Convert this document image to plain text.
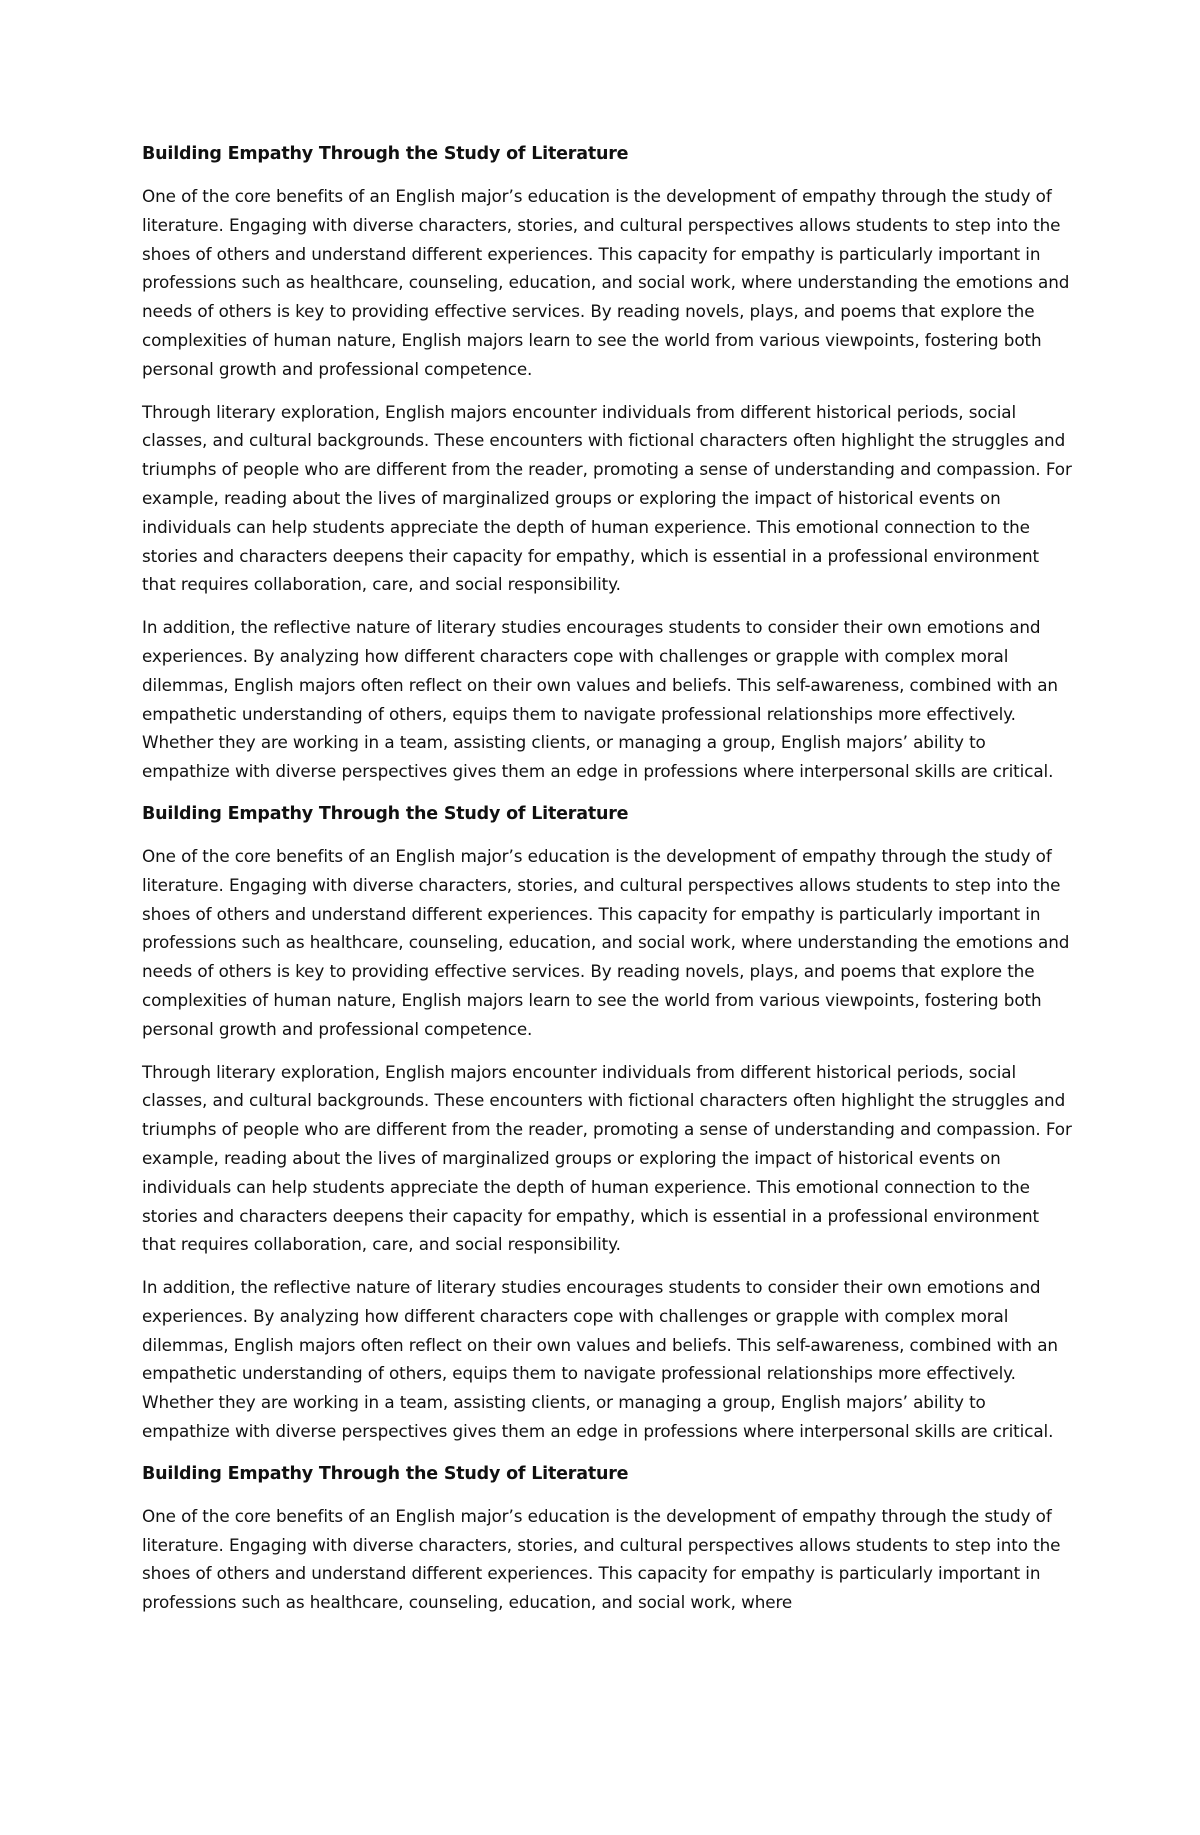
Building Empathy Through the Study of Literature

One of the core benefits of an English major’s education is the development of empathy through the study of literature. Engaging with diverse characters, stories, and cultural perspectives allows students to step into the shoes of others and understand different experiences. This capacity for empathy is particularly important in professions such as healthcare, counseling, education, and social work, where understanding the emotions and needs of others is key to providing effective services. By reading novels, plays, and poems that explore the complexities of human nature, English majors learn to see the world from various viewpoints, fostering both personal growth and professional competence.

Through literary exploration, English majors encounter individuals from different historical periods, social classes, and cultural backgrounds. These encounters with fictional characters often highlight the struggles and triumphs of people who are different from the reader, promoting a sense of understanding and compassion. For example, reading about the lives of marginalized groups or exploring the impact of historical events on individuals can help students appreciate the depth of human experience. This emotional connection to the stories and characters deepens their capacity for empathy, which is essential in a professional environment that requires collaboration, care, and social responsibility.

In addition, the reflective nature of literary studies encourages students to consider their own emotions and experiences. By analyzing how different characters cope with challenges or grapple with complex moral dilemmas, English majors often reflect on their own values and beliefs. This self-awareness, combined with an empathetic understanding of others, equips them to navigate professional relationships more effectively. Whether they are working in a team, assisting clients, or managing a group, English majors’ ability to empathize with diverse perspectives gives them an edge in professions where interpersonal skills are critical.

Building Empathy Through the Study of Literature

One of the core benefits of an English major’s education is the development of empathy through the study of literature. Engaging with diverse characters, stories, and cultural perspectives allows students to step into the shoes of others and understand different experiences. This capacity for empathy is particularly important in professions such as healthcare, counseling, education, and social work, where understanding the emotions and needs of others is key to providing effective services. By reading novels, plays, and poems that explore the complexities of human nature, English majors learn to see the world from various viewpoints, fostering both personal growth and professional competence.

Through literary exploration, English majors encounter individuals from different historical periods, social classes, and cultural backgrounds. These encounters with fictional characters often highlight the struggles and triumphs of people who are different from the reader, promoting a sense of understanding and compassion. For example, reading about the lives of marginalized groups or exploring the impact of historical events on individuals can help students appreciate the depth of human experience. This emotional connection to the stories and characters deepens their capacity for empathy, which is essential in a professional environment that requires collaboration, care, and social responsibility.

In addition, the reflective nature of literary studies encourages students to consider their own emotions and experiences. By analyzing how different characters cope with challenges or grapple with complex moral dilemmas, English majors often reflect on their own values and beliefs. This self-awareness, combined with an empathetic understanding of others, equips them to navigate professional relationships more effectively. Whether they are working in a team, assisting clients, or managing a group, English majors’ ability to empathize with diverse perspectives gives them an edge in professions where interpersonal skills are critical.

Building Empathy Through the Study of Literature

One of the core benefits of an English major’s education is the development of empathy through the study of literature. Engaging with diverse characters, stories, and cultural perspectives allows students to step into the shoes of others and understand different experiences. This capacity for empathy is particularly important in professions such as healthcare, counseling, education, and social work, where
